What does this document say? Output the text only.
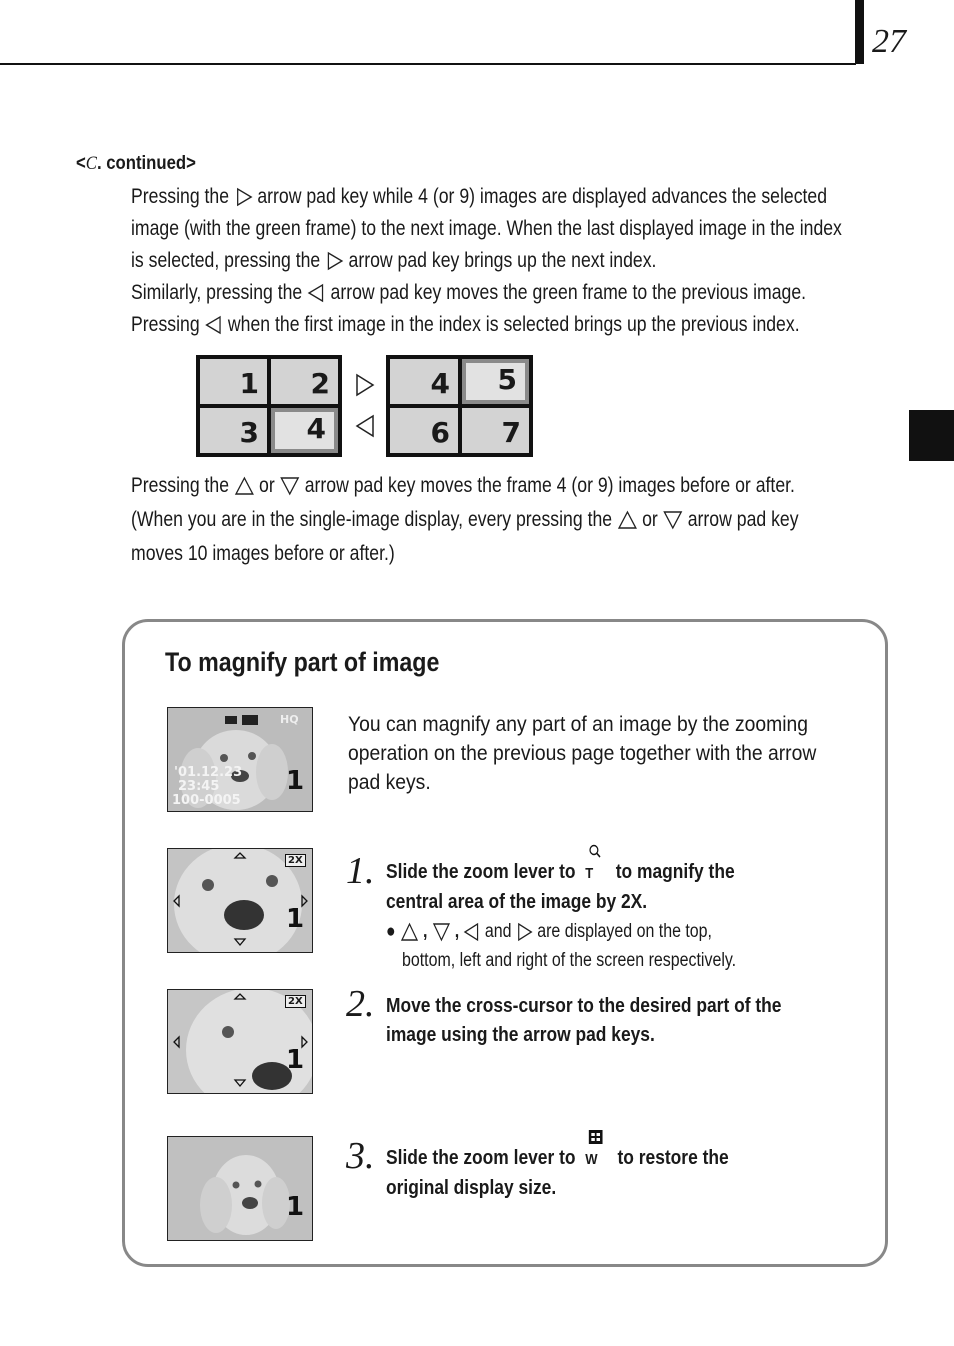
27
<C. continued>
Pressing the arrow pad key while 4 (or 9) images are displayed advances the selected
image (with the green frame) to the next image. When the last displayed image in the index
is selected, pressing the arrow pad key brings up the next index.
Similarly, pressing the arrow pad key moves the green frame to the previous image.
Pressing when the first image in the index is selected brings up the previous index.
1	2
3	4
4	5
6	7
Pressing the or arrow pad key moves the frame 4 (or 9) images before or after.
(When you are in the single-image display, every pressing the or arrow pad key
moves 10 images before or after.)
To magnify part of image
HQ
'01.12.23
23:45
100-0005
1
You can magnify any part of an image by the zooming
operation on the previous page together with the arrow
pad keys.
2X
1
1. Slide the zoom lever to T to magnify the
central area of the image by 2X.
● , , and are displayed on the top,
bottom, left and right of the screen respectively.
2X
1
2. Move the cross-cursor to the desired part of the
image using the arrow pad keys.
1
3. Slide the zoom lever to W to restore the
original display size.
